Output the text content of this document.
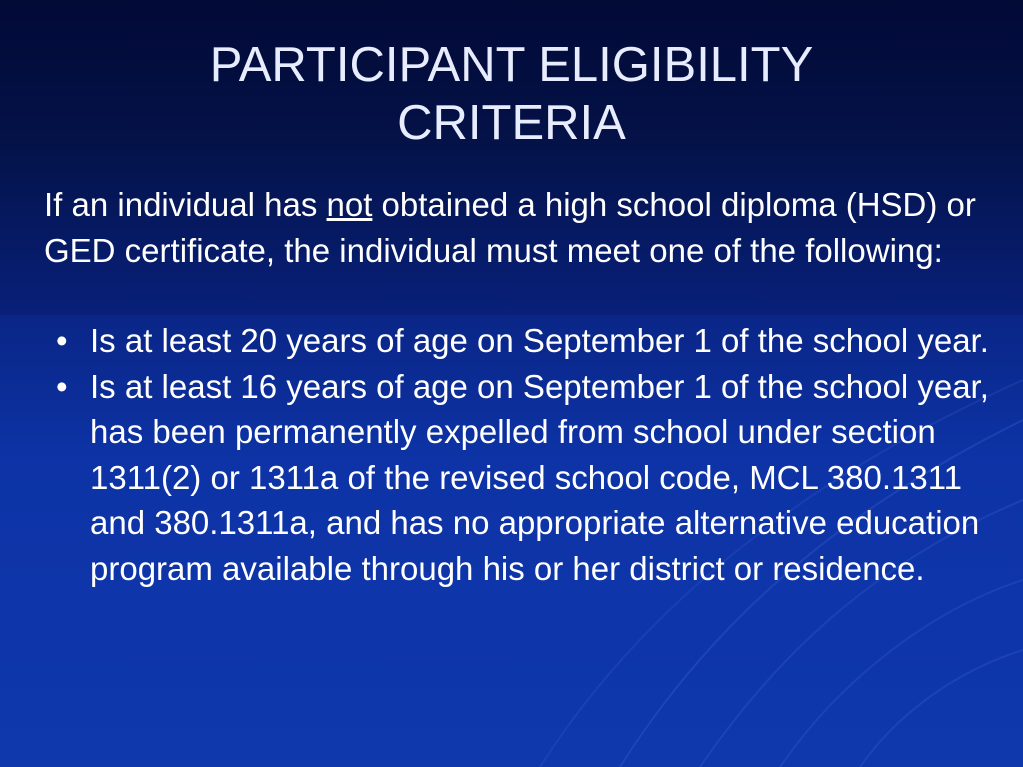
PARTICIPANT ELIGIBILITY
CRITERIA

If an individual has not obtained a high school diploma (HSD) or GED certificate, the individual must meet one of the following:

• Is at least 20 years of age on September 1 of the school year.
• Is at least 16 years of age on September 1 of the school year, has been permanently expelled from school under section 1311(2) or 1311a of the revised school code, MCL 380.1311 and 380.1311a, and has no appropriate alternative education program available through his or her district or residence.
